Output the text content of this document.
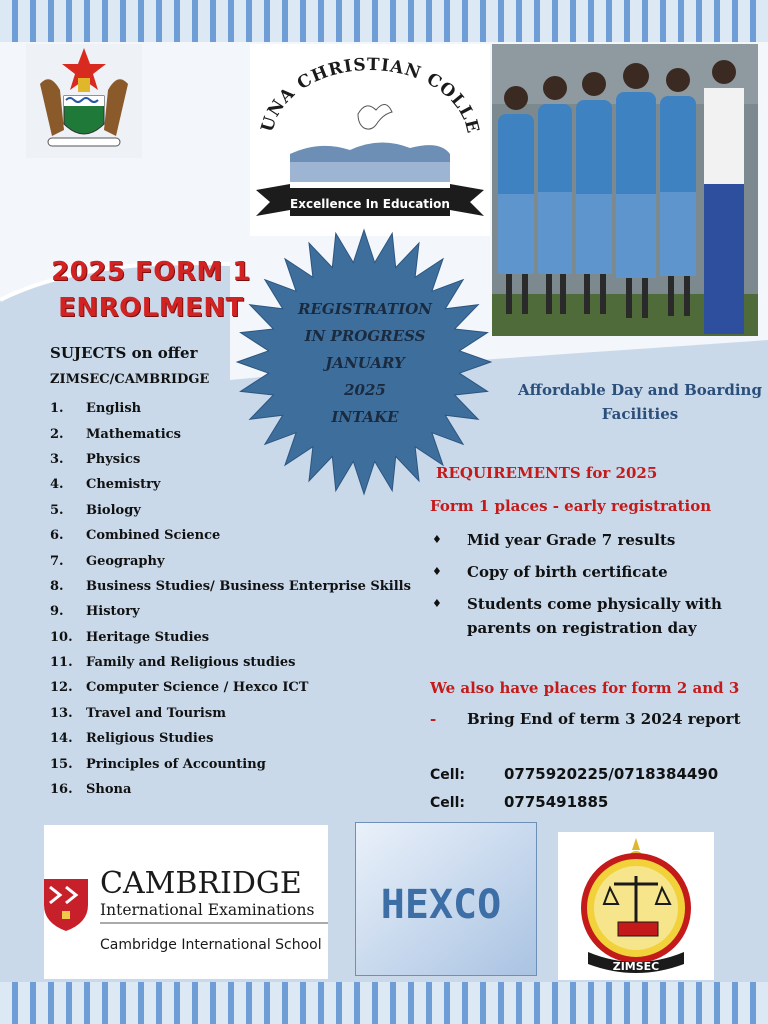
UNA CHRISTIAN COLLE
Excellence In Education
2025 FORM 1
ENROLMENT	REGISTRATION
IN PROGRESS
JANUARY
2025
INTAKE
SUJECTS on offer
ZIMSEC/CAMBRIDGE
1.	English
2.	Mathematics
3.	Physics
4.	Chemistry
5.	Biology
6.	Combined Science
7.	Geography
8.	Business Studies/ Business Enterprise Skills
9.	History
10.	Heritage Studies
11.	Family and Religious studies
12.	Computer Science / Hexco ICT
13.	Travel and Tourism
14.	Religious Studies
15.	Principles of Accounting
16.	Shona
Affordable Day and Boarding
Facilities
REQUIREMENTS for 2025
Form 1 places - early registration
♦ Mid year Grade 7 results
♦ Copy of birth certificate
♦ Students come physically with parents on registration day
We also have places for form 2 and 3
- Bring End of term 3 2024 report
Cell:	0775920225/0718384490
Cell:	0775491885
CAMBRIDGE
International Examinations
Cambridge International School
HEXCO
ZIMSEC
